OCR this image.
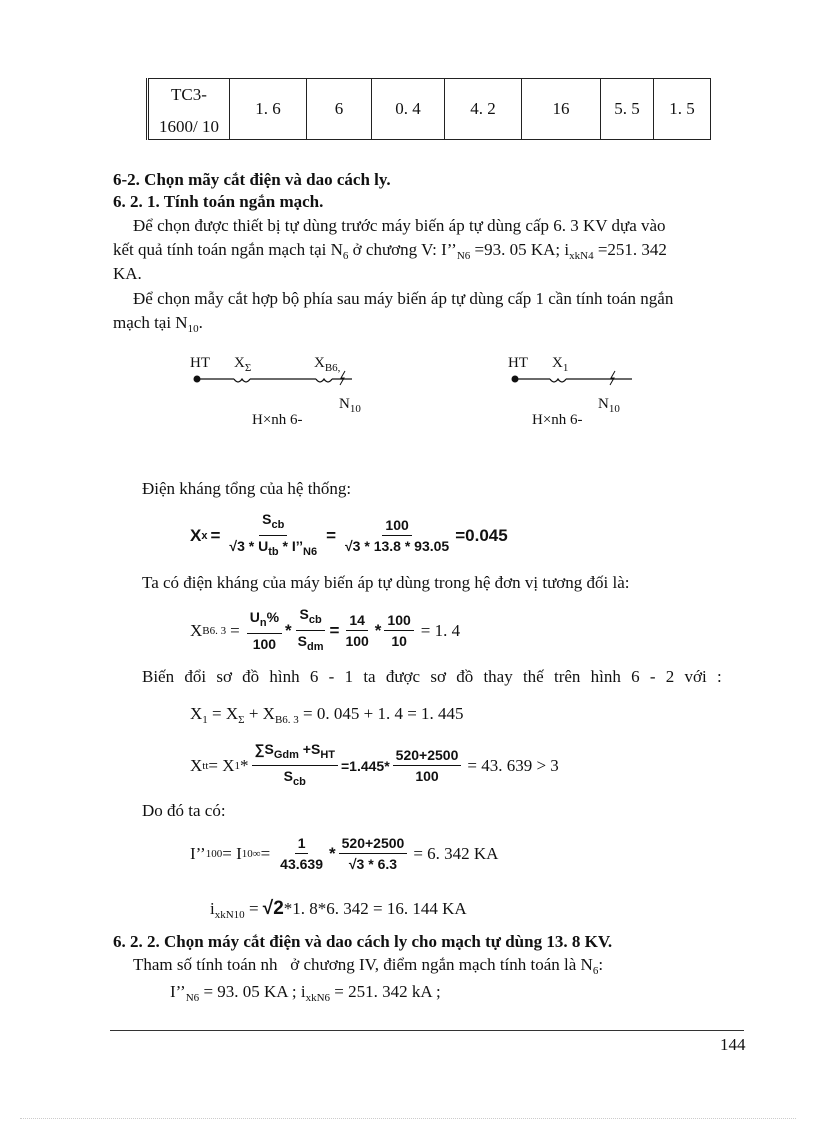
TC3-
1600/ 10
	1. 6	6	0. 4	4. 2	16	5. 5	1. 5
6-2. Chọn mãy cắt điện và dao cách ly.
6. 2. 1. Tính toán ngắn mạch.
Để chọn được thiết bị tự dùng trước máy biến áp tự dùng cấp 6. 3 KV dựa vào
kết quả tính toán ngắn mạch tại $N_6$ ở chương V: $I’’_{N6} =93$. 05 KA; $i_{xkN4} =251$. 342
KA.
Để chọn mẫy cắt hợp bộ phía sau máy biến áp tự dùng cấp 1 cần tính toán ngắn
mạch tại $N_{10}$.
HT $X_\Sigma$	$X_{B6,}$
$N_{10}$
H×nh 6-
HT $X_1$
$N_{10}$
H×nh 6-
Điện kháng tổng của hệ thống:
X $x = \frac{S_{cb}}{√3 * U_{tb} * I’’_{N6}} = \frac{100}{√3 * 13.8 * 93.05} =0.045$
Ta có điện kháng của máy biến áp tự dùng trong hệ đơn vị tương đối là:
X B6. $3 = \frac{U_n\%}{100} * \frac{S_{cb}}{S_{dm}} = \frac{14}{100} * \frac{100}{10} = 1$. 4
Biến đổi sơ đồ hình 6 - 1 ta được sơ đồ thay thế trên hình 6 - 2 với :
$X_1 = X_\Sigma + X_{B6. 3} = 0$. 045 + 1. 4 = 1. 445
X tt = X $1 * \frac{\sum S_{Gdm} +S_{HT}}{S_{cb}} =1.445* \frac{520+2500}{100} = 43$. 639 > 3
Do đó ta có:
I’’ 100 = I $10\infty = \frac{1}{43.639} * \frac{520+2500}{√3 * 6.3} = 6$. 342 KA
$i_{xkN10} = √2*1$. 8*6. 342 = 16. 144 KA
6. 2. 2. Chọn máy cắt điện và dao cách ly cho mạch tự dùng 13. 8 KV.
Tham số tính toán nh   ở chương IV, điểm ngắn mạch tính toán là $N_6$:
$I’’_{N6} = 93$. 05 KA ; $i_{xkN6} = 251$. 342 kA ;
144
